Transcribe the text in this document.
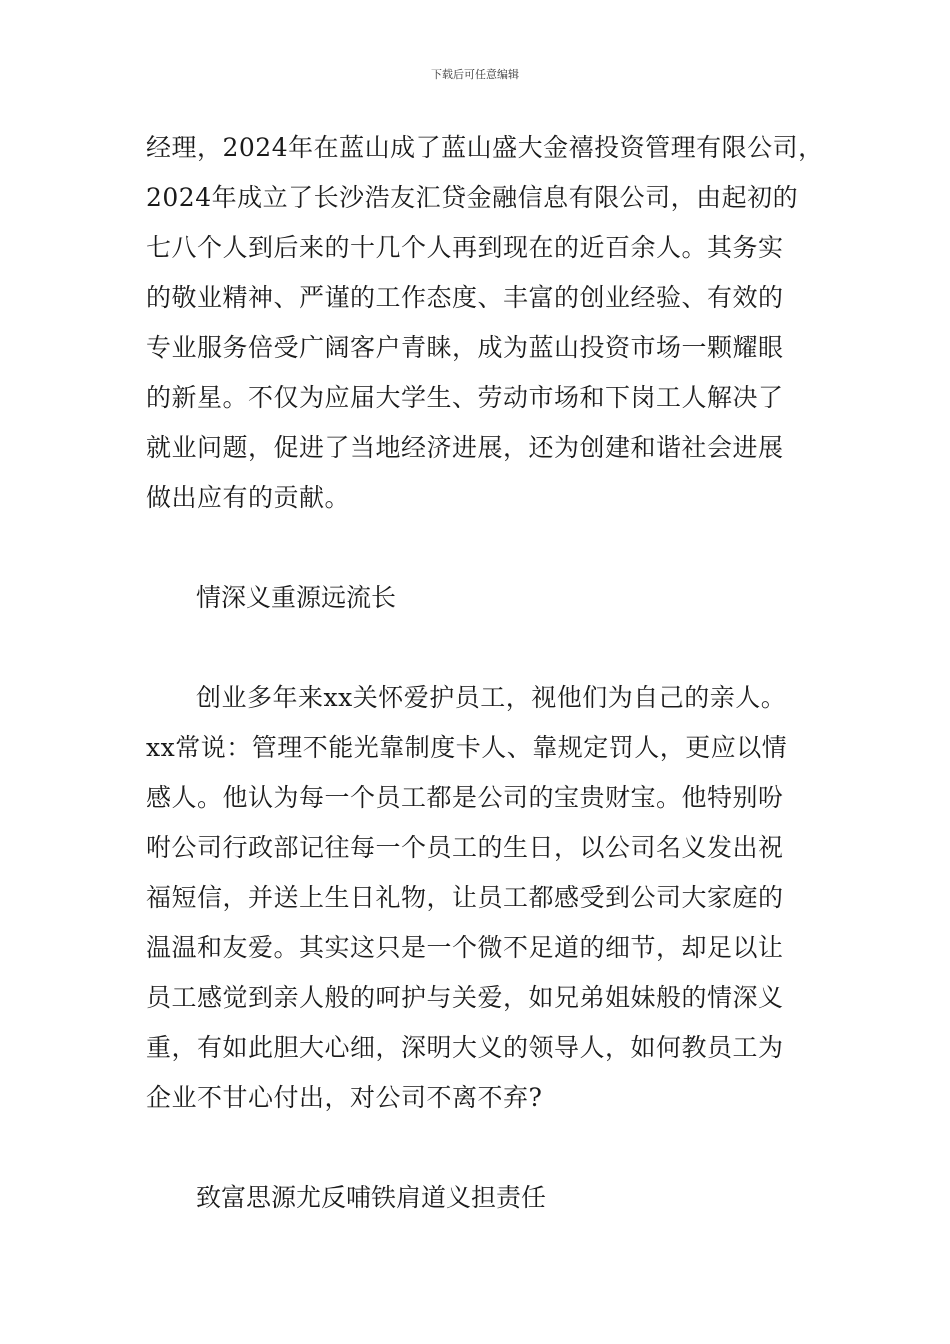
下载后可任意编辑
经理，2024年在蓝山成了蓝山盛大金禧投资管理有限公司，
2024年成立了长沙浩友汇贷金融信息有限公司，由起初的
七八个人到后来的十几个人再到现在的近百余人。其务实
的敬业精神、严谨的工作态度、丰富的创业经验、有效的
专业服务倍受广阔客户青睐，成为蓝山投资市场一颗耀眼
的新星。不仅为应届大学生、劳动市场和下岗工人解决了
就业问题，促进了当地经济进展，还为创建和谐社会进展
做出应有的贡献。
情深义重源远流长
创业多年来xx关怀爱护员工，视他们为自己的亲人。
xx常说：管理不能光靠制度卡人、靠规定罚人，更应以情
感人。他认为每一个员工都是公司的宝贵财宝。他特别吩
咐公司行政部记往每一个员工的生日，以公司名义发出祝
福短信，并送上生日礼物，让员工都感受到公司大家庭的
温温和友爱。其实这只是一个微不足道的细节，却足以让
员工感觉到亲人般的呵护与关爱，如兄弟姐妹般的情深义
重，有如此胆大心细，深明大义的领导人，如何教员工为
企业不甘心付出，对公司不离不弃?
致富思源尤反哺铁肩道义担责任
